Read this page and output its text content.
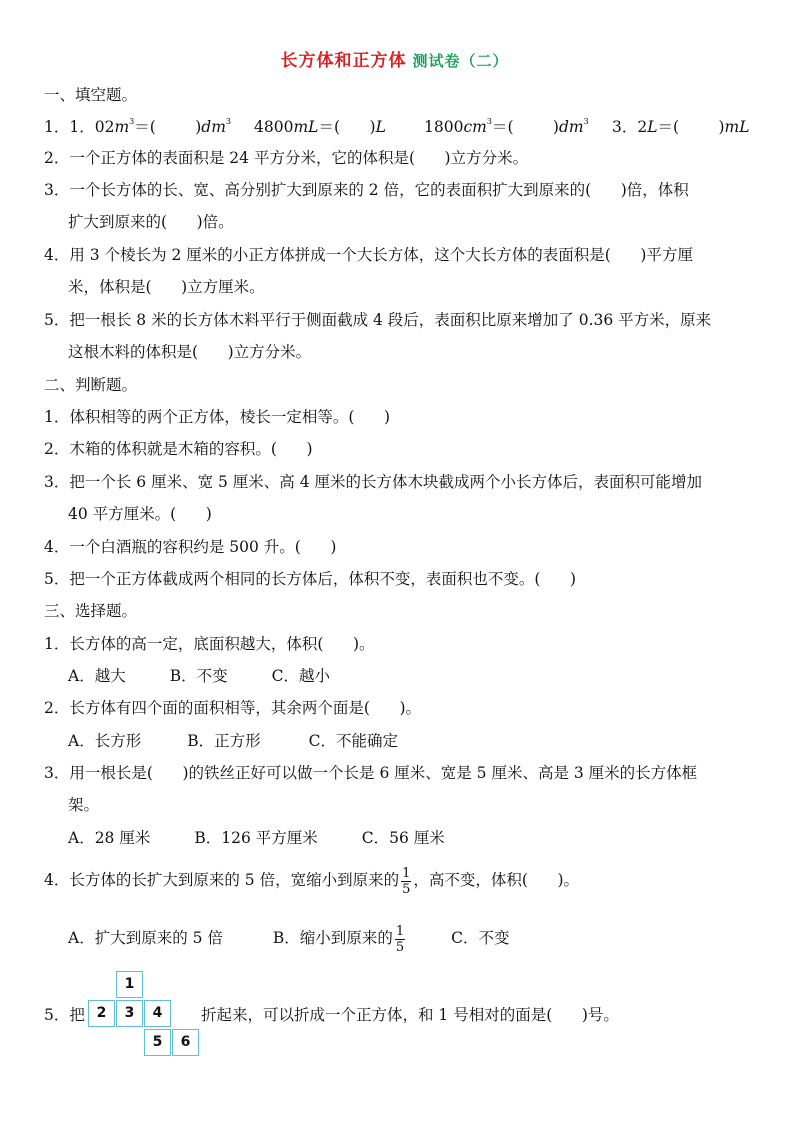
长方体和正方体 测试卷（二）
一、填空题。
1．1．$02m^3=$(        )$dm^3$ 4800mL＝(      )L $1800cm^3=$(        )$dm^3$ 3．2L＝(        )mL
2．一个正方体的表面积是 24 平方分米，它的体积是(      )立方分米。
3．一个长方体的长、宽、高分别扩大到原来的 2 倍，它的表面积扩大到原来的(      )倍，体积
扩大到原来的(      )倍。
4．用 3 个棱长为 2 厘米的小正方体拼成一个大长方体，这个大长方体的表面积是(      )平方厘
米，体积是(      )立方厘米。
5．把一根长 8 米的长方体木料平行于侧面截成 4 段后，表面积比原来增加了 0.36 平方米，原来
这根木料的体积是(      )立方分米。
二、判断题。
1．体积相等的两个正方体，棱长一定相等。(      )
2．木箱的体积就是木箱的容积。(      )
3．把一个长 6 厘米、宽 5 厘米、高 4 厘米的长方体木块截成两个小长方体后，表面积可能增加
40 平方厘米。(      )
4．一个白酒瓶的容积约是 500 升。(      )
5．把一个正方体截成两个相同的长方体后，体积不变，表面积也不变。(      )
三、选择题。
1．长方体的高一定，底面积越大，体积(      )。
A．越大	B．不变	C．越小
2．长方体有四个面的面积相等，其余两个面是(      )。
A．长方形	B．正方形	C．不能确定
3．用一根长是(      )的铁丝正好可以做一个长是 6 厘米、宽是 5 厘米、高是 3 厘米的长方体框
架。
A．28 厘米	B．126 平方厘米	C．56 厘米
4．长方体的长扩大到原来的 5 倍，宽缩小到原来的 $\frac{1}{5}$ ，高不变，体积(      )。
A．扩大到原来的 5 倍	B．缩小到原来的 $\frac{1}{5}$	C．不变
5．把
1
2	3	4
5	6
折起来，可以折成一个正方体，和 1 号相对的面是(      )号。
